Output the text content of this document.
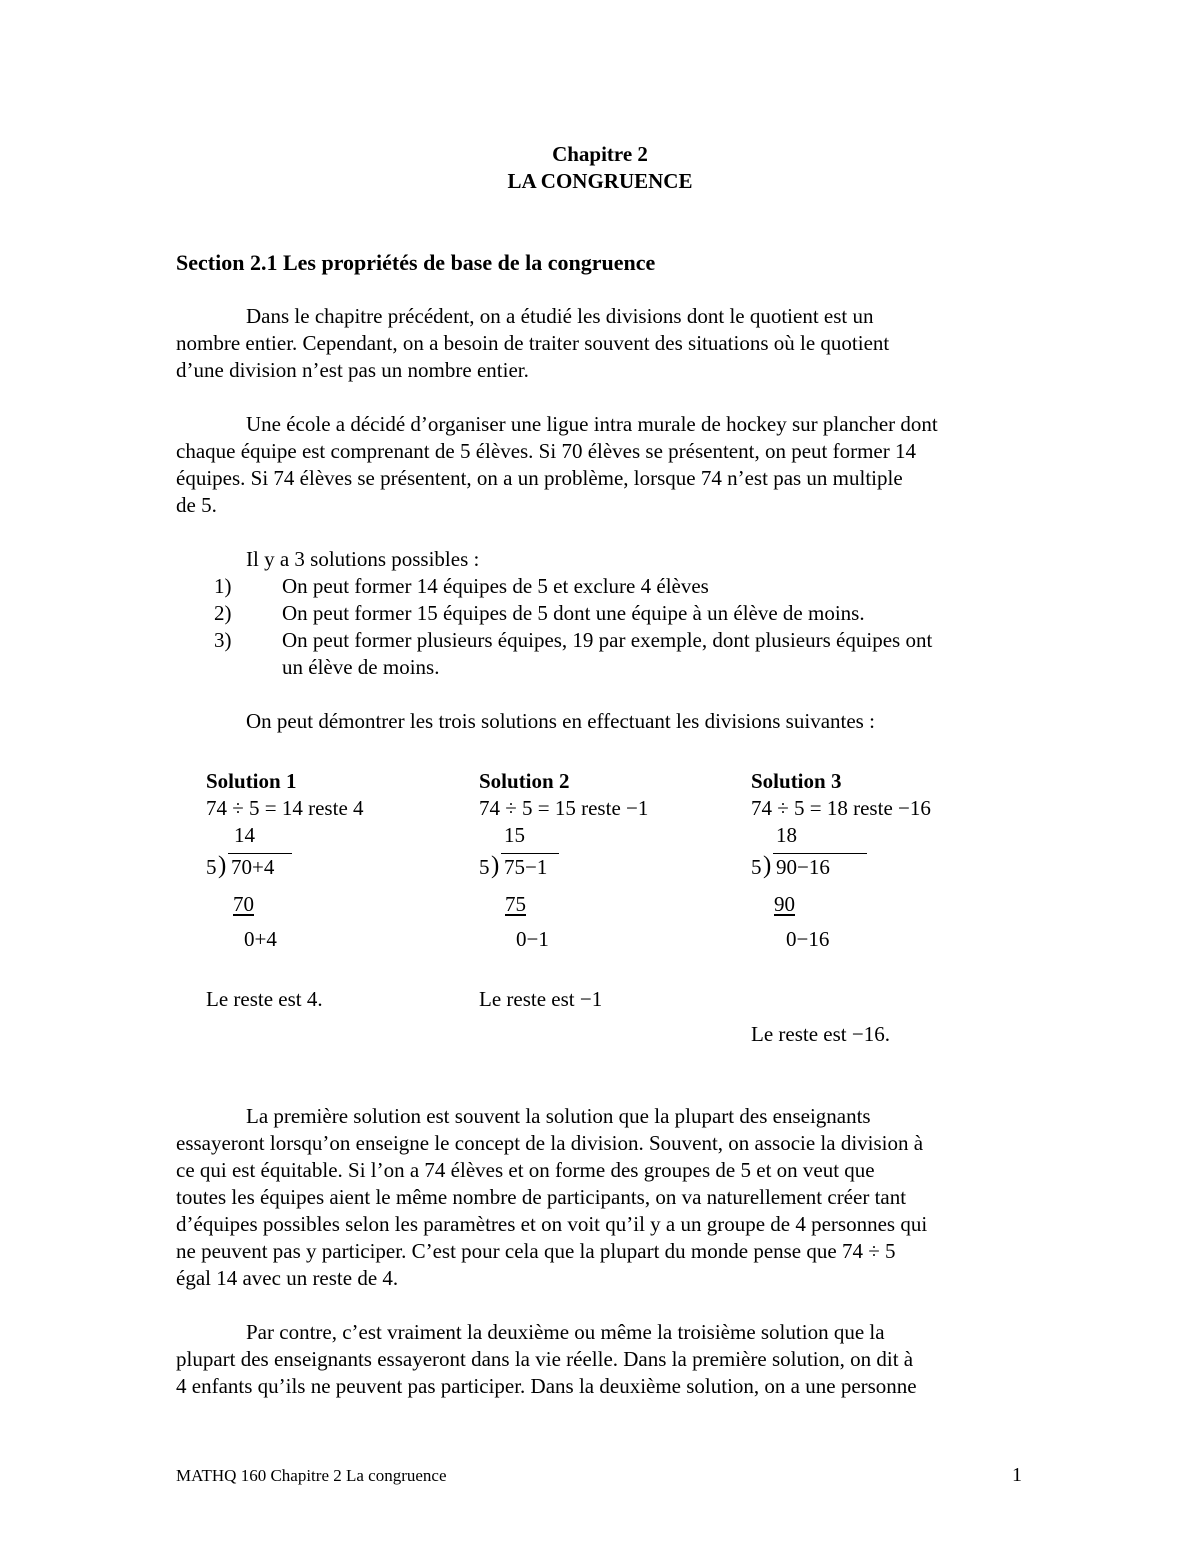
Chapitre 2
LA CONGRUENCE
Section 2.1 Les propriétés de base de la congruence
Dans le chapitre précédent, on a étudié les divisions dont le quotient est un
nombre entier. Cependant, on a besoin de traiter souvent des situations où le quotient
d’une division n’est pas un nombre entier.
Une école a décidé d’organiser une ligue intra murale de hockey sur plancher dont
chaque équipe est comprenant de 5 élèves. Si 70 élèves se présentent, on peut former 14
équipes. Si 74 élèves se présentent, on a un problème, lorsque 74 n’est pas un multiple
de 5.
Il y a 3 solutions possibles :
1) On peut former 14 équipes de 5 et exclure 4 élèves
2) On peut former 15 équipes de 5 dont une équipe à un élève de moins.
3) On peut former plusieurs équipes, 19 par exemple, dont plusieurs équipes ont
un élève de moins.
On peut démontrer les trois solutions en effectuant les divisions suivantes :
Solution 1
74 ÷ 5 = 14 reste 4
14
5 ) 70+4
70
0+4
Le reste est 4.
Solution 2
74 ÷ 5 = 15 reste −1
15
5 ) 75−1
75
0−1
Le reste est −1
Solution 3
74 ÷ 5 = 18 reste −16
18
5 ) 90−16
90
0−16
Le reste est −16.
La première solution est souvent la solution que la plupart des enseignants
essayeront lorsqu’on enseigne le concept de la division. Souvent, on associe la division à
ce qui est équitable. Si l’on a 74 élèves et on forme des groupes de 5 et on veut que
toutes les équipes aient le même nombre de participants, on va naturellement créer tant
d’équipes possibles selon les paramètres et on voit qu’il y a un groupe de 4 personnes qui
ne peuvent pas y participer. C’est pour cela que la plupart du monde pense que 74 ÷ 5
égal 14 avec un reste de 4.
Par contre, c’est vraiment la deuxième ou même la troisième solution que la
plupart des enseignants essayeront dans la vie réelle. Dans la première solution, on dit à
4 enfants qu’ils ne peuvent pas participer. Dans la deuxième solution, on a une personne
MATHQ 160 Chapitre 2 La congruence	1
